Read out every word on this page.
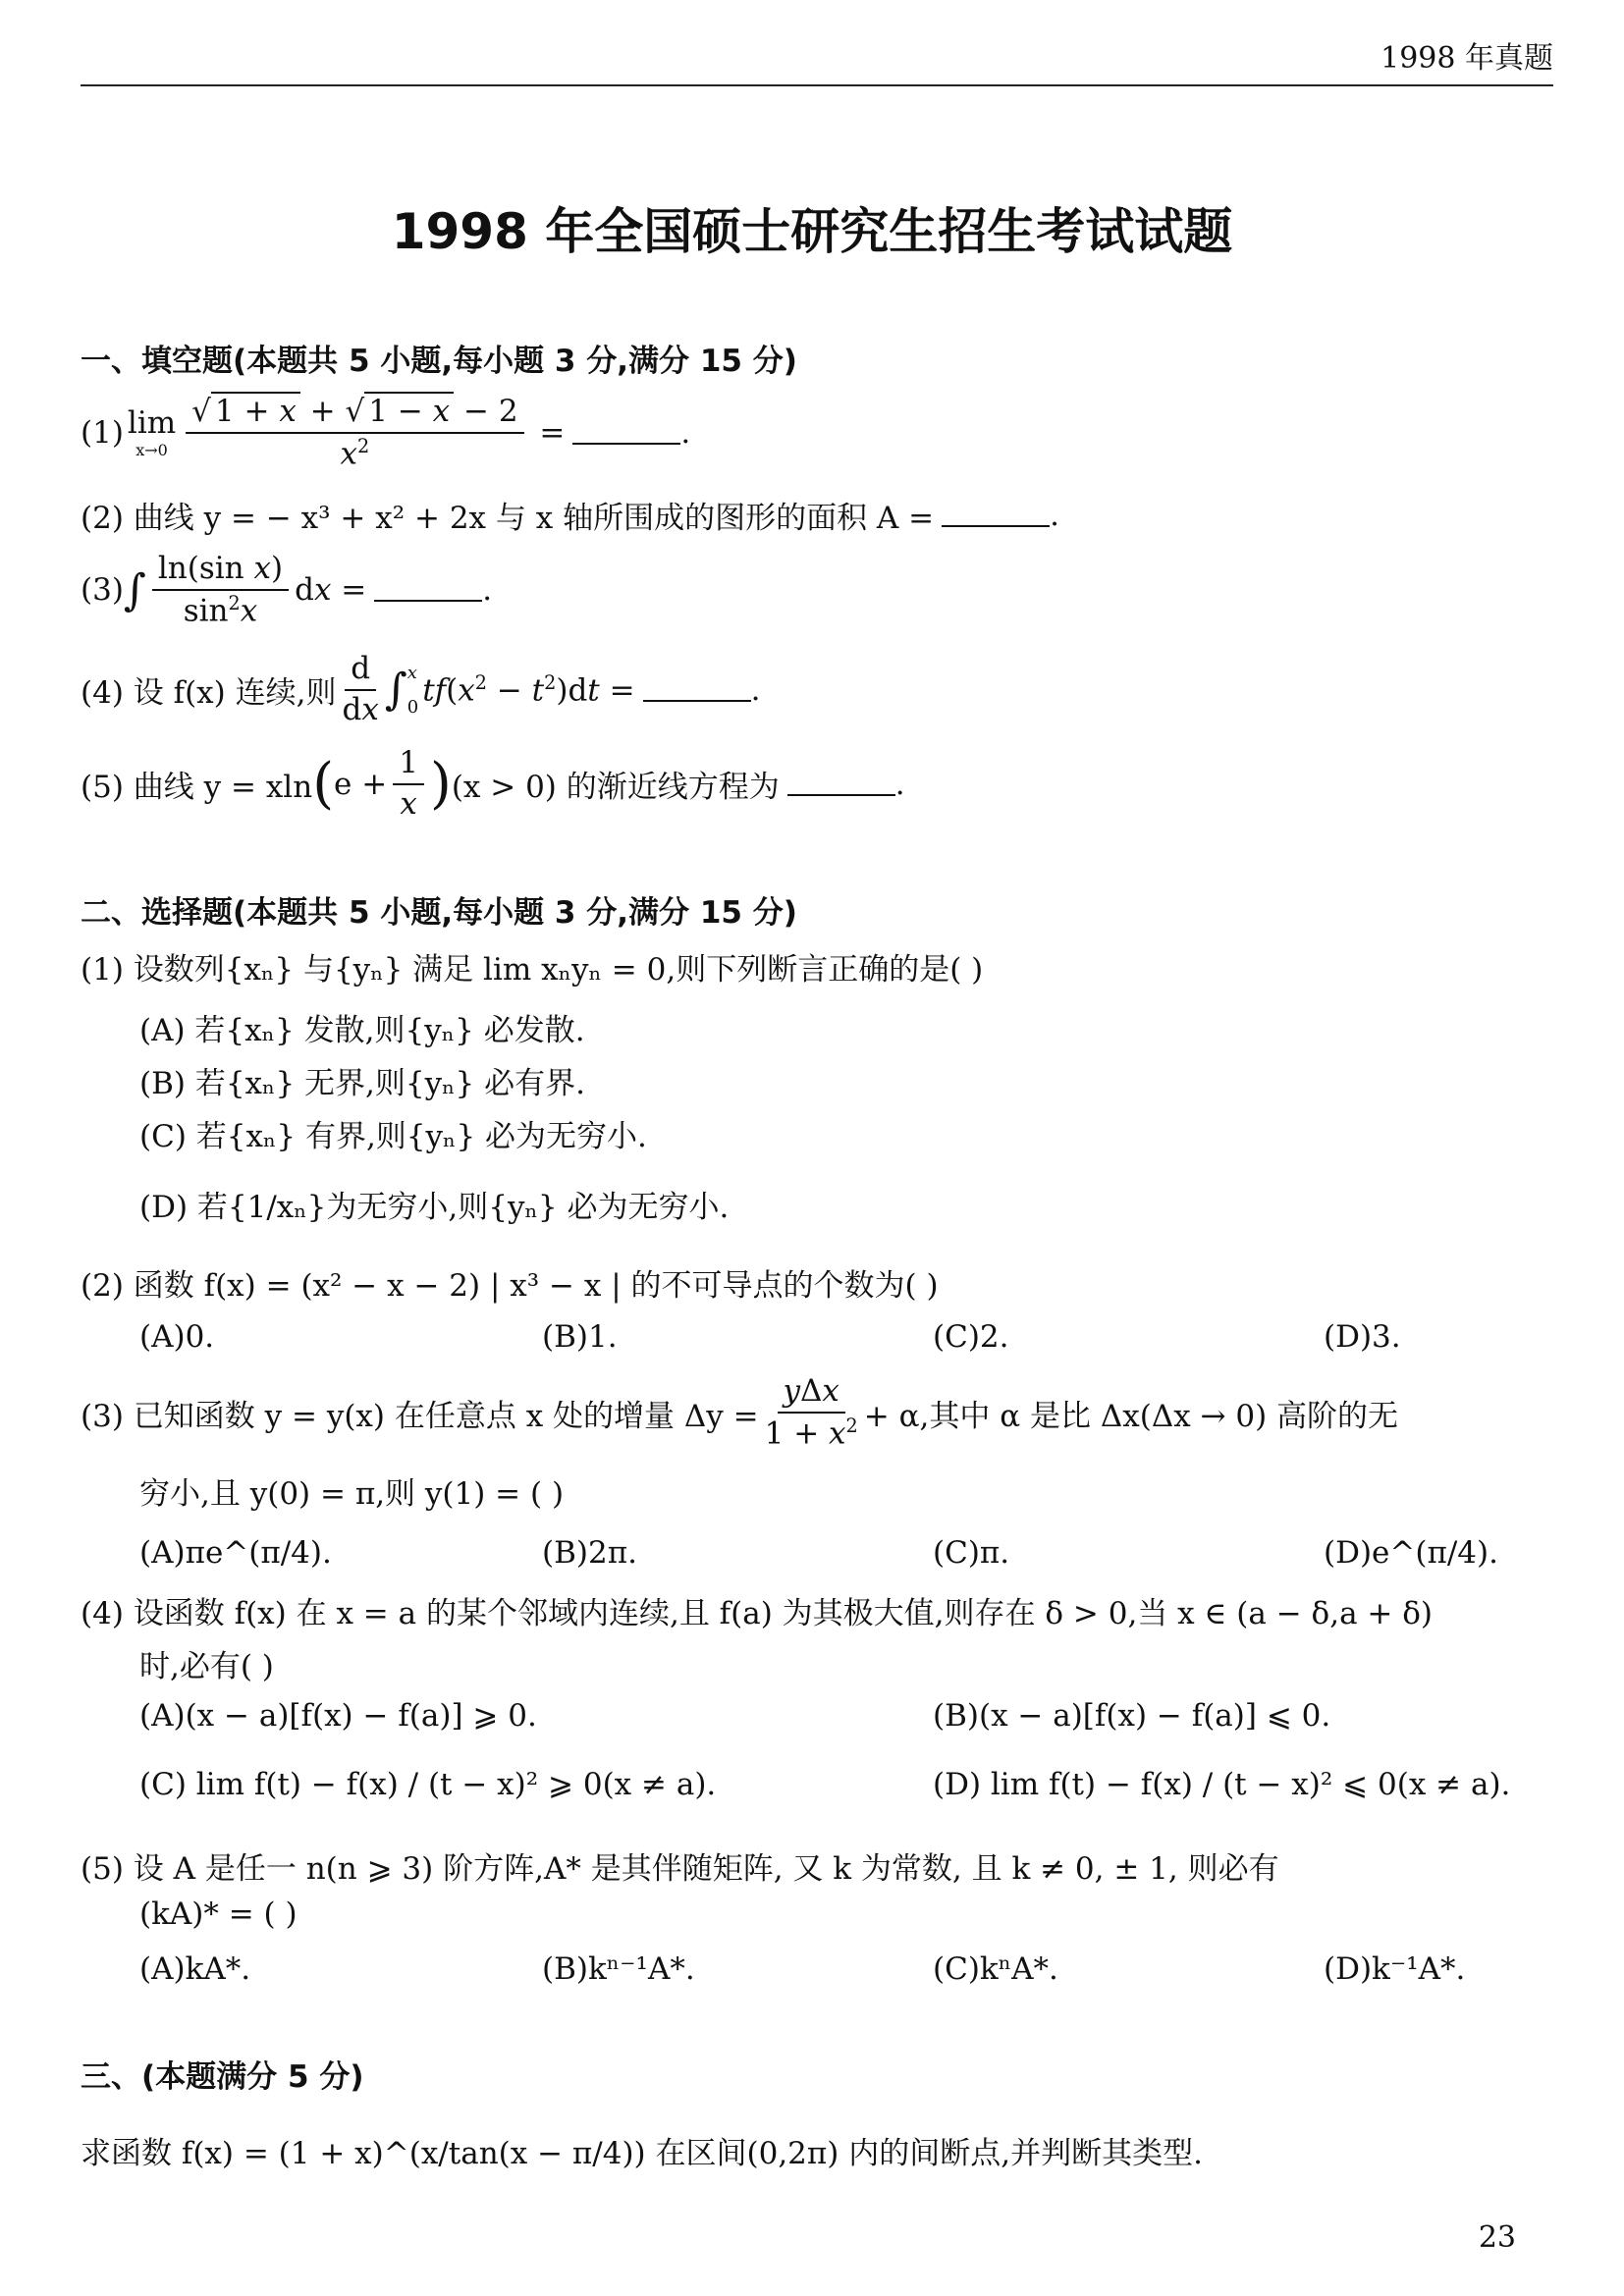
1998 年真题
1998 年全国硕士研究生招生考试试题
一、填空题(本题共 5 小题,每小题 3 分,满分 15 分)
(1) lim
$x\to 0 \frac{√ 1 + x + √ 1 - x - 2}{x^2}$ =	.
(2) 曲线 y = − x³ + x² + 2x 与 x 轴所围成的图形的面积 A =	.
(3) ∫ $\frac{\text{ln(sin x)}}{\sin^2x}$ dx =	.
(4) 设 f(x) 连续,则 $\frac{d}{dx}$ ∫ x
0 $tf(x^2 - t^2)dt$ =	.
(5) 曲线 y = xln ( $e + \frac{1}{x}$ ) (x > 0) 的渐近线方程为	.
二、选择题(本题共 5 小题,每小题 3 分,满分 15 分)
(1) 设数列{xₙ} 与{yₙ} 满足 lim xₙyₙ = 0,则下列断言正确的是( )
(A) 若{xₙ} 发散,则{yₙ} 必发散.
(B) 若{xₙ} 无界,则{yₙ} 必有界.
(C) 若{xₙ} 有界,则{yₙ} 必为无穷小.
(D) 若{1/xₙ}为无穷小,则{yₙ} 必为无穷小.
(2) 函数 f(x) = (x² − x − 2) | x³ − x | 的不可导点的个数为( )
(A)0.	(B)1.	(C)2.	(D)3.
(3) 已知函数 y = y(x) 在任意点 x 处的增量 $\Delta y = \frac{\text{yΔx}}{1 + x^2} + \alpha$,其中 α 是比 Δx(Δx → 0) 高阶的无
穷小,且 y(0) = π,则 y(1) = ( )
(A)πe^(π/4).	(B)2π.	(C)π.	(D)e^(π/4).
(4) 设函数 f(x) 在 x = a 的某个邻域内连续,且 f(a) 为其极大值,则存在 δ > 0,当 x ∈ (a − δ,a + δ)
时,必有( )
(A)(x − a)[f(x) − f(a)] ⩾ 0.	(B)(x − a)[f(x) − f(a)] ⩽ 0.
(C) lim f(t) − f(x) / (t − x)² ⩾ 0(x ≠ a).	(D) lim f(t) − f(x) / (t − x)² ⩽ 0(x ≠ a).
(5) 设 A 是任一 n(n ⩾ 3) 阶方阵,A* 是其伴随矩阵, 又 k 为常数, 且 k ≠ 0, ± 1, 则必有
(kA)* = ( )
(A)kA*.	(B)kⁿ⁻¹A*.	(C)kⁿA*.	(D)k⁻¹A*.
三、(本题满分 5 分)
求函数 f(x) = (1 + x)^(x/tan(x − π/4)) 在区间(0,2π) 内的间断点,并判断其类型.
23
